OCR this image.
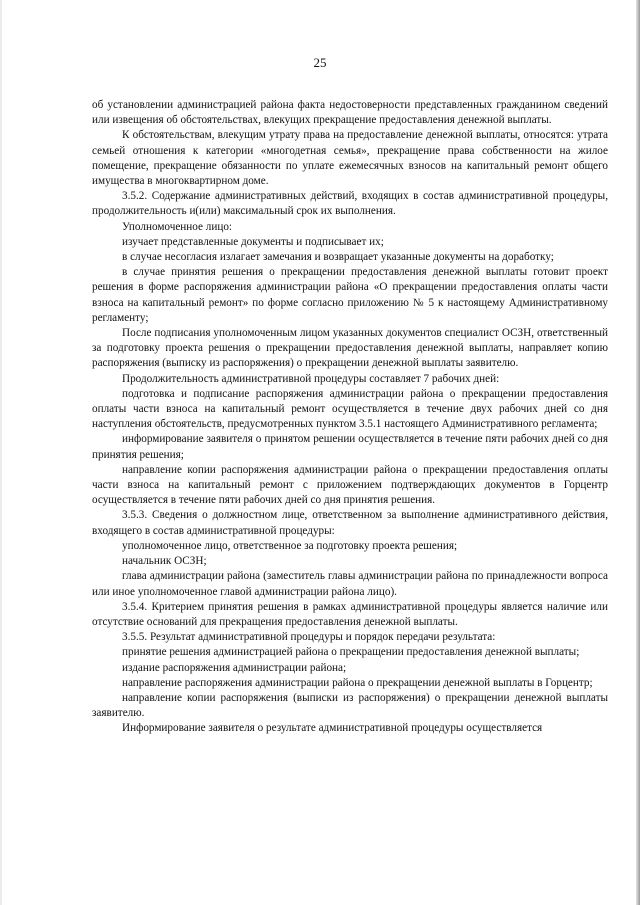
25

об установлении администрацией района факта недостоверности представленных гражданином сведений или извещения об обстоятельствах, влекущих прекращение предоставления денежной выплаты.

К обстоятельствам, влекущим утрату права на предоставление денежной выплаты, относятся: утрата семьей отношения к категории «многодетная семья», прекращение права собственности на жилое помещение, прекращение обязанности по уплате ежемесячных взносов на капитальный ремонт общего имущества в многоквартирном доме.

3.5.2. Содержание административных действий, входящих в состав административной процедуры, продолжительность и(или) максимальный срок их выполнения.

Уполномоченное лицо:

изучает представленные документы и подписывает их;

в случае несогласия излагает замечания и возвращает указанные документы на доработку;

в случае принятия решения о прекращении предоставления денежной выплаты готовит проект решения в форме распоряжения администрации района «О прекращении предоставления оплаты части взноса на капитальный ремонт» по форме согласно приложению № 5 к настоящему Административному регламенту;

После подписания уполномоченным лицом указанных документов специалист ОСЗН, ответственный за подготовку проекта решения о прекращении предоставления денежной выплаты, направляет копию распоряжения (выписку из распоряжения) о прекращении денежной выплаты заявителю.

Продолжительность административной процедуры составляет 7 рабочих дней:

подготовка и подписание распоряжения администрации района о прекращении предоставления оплаты части взноса на капитальный ремонт осуществляется в течение двух рабочих дней со дня наступления обстоятельств, предусмотренных пунктом 3.5.1 настоящего Административного регламента;

информирование заявителя о принятом решении осуществляется в течение пяти рабочих дней со дня принятия решения;

направление копии распоряжения администрации района о прекращении предоставления оплаты части взноса на капитальный ремонт с приложением подтверждающих документов в Горцентр осуществляется в течение пяти рабочих дней со дня принятия решения.

3.5.3. Сведения о должностном лице, ответственном за выполнение административного действия, входящего в состав административной процедуры:

уполномоченное лицо, ответственное за подготовку проекта решения;

начальник ОСЗН;

глава администрации района (заместитель главы администрации района по принадлежности вопроса или иное уполномоченное главой администрации района лицо).

3.5.4. Критерием принятия решения в рамках административной процедуры является наличие или отсутствие оснований для прекращения предоставления денежной выплаты.

3.5.5. Результат административной процедуры и порядок передачи результата:

принятие решения администрацией района о прекращении предоставления денежной выплаты;

издание распоряжения администрации района;

направление распоряжения администрации района о прекращении денежной выплаты в Горцентр;

направление копии распоряжения (выписки из распоряжения) о прекращении денежной выплаты заявителю.

Информирование заявителя о результате административной процедуры осуществляется
